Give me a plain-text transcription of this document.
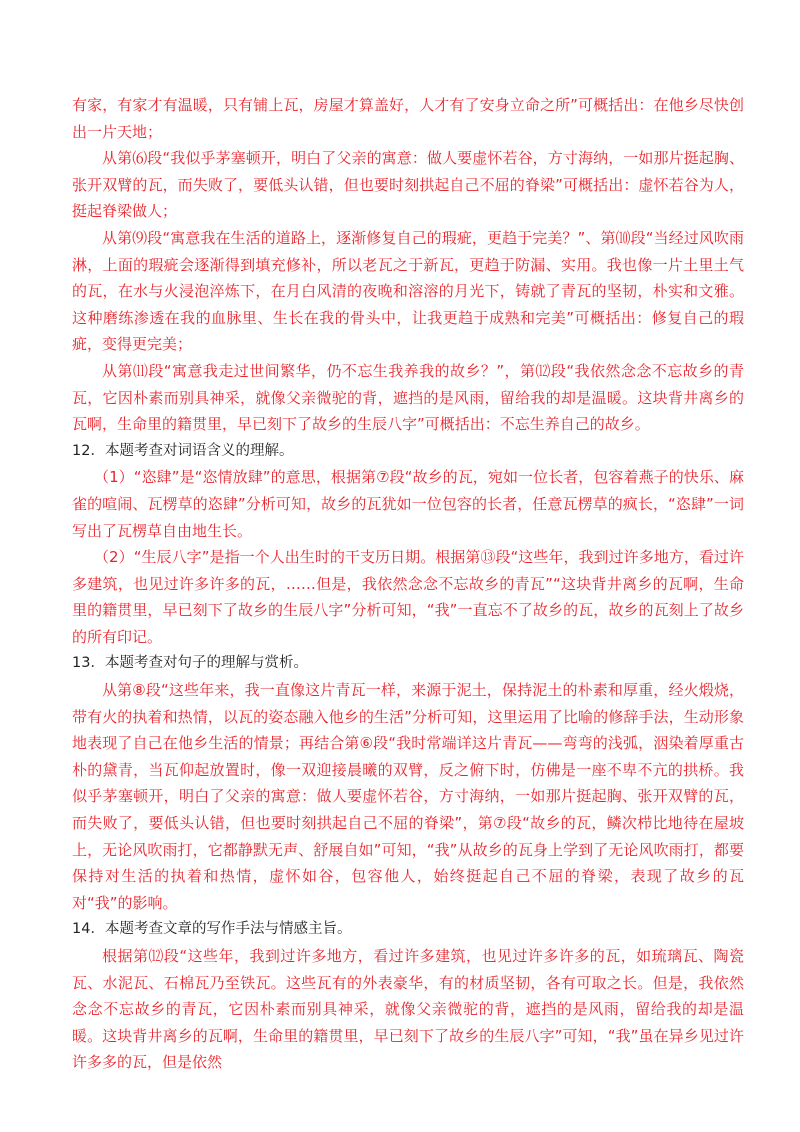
有家，有家才有温暖，只有铺上瓦，房屋才算盖好，人才有了安身立命之所”可概括出：在他乡尽快创出一片天地；

从第⑹段“我似乎茅塞顿开，明白了父亲的寓意：做人要虚怀若谷，方寸海纳，一如那片挺起胸、张开双臂的瓦，而失败了，要低头认错，但也要时刻拱起自己不屈的脊梁”可概括出：虚怀若谷为人，挺起脊梁做人；

从第⑼段“寓意我在生活的道路上，逐渐修复自己的瑕疵，更趋于完美？”、第⑽段“当经过风吹雨淋，上面的瑕疵会逐渐得到填充修补，所以老瓦之于新瓦，更趋于防漏、实用。我也像一片土里土气的瓦，在水与火浸泡淬炼下，在月白风清的夜晚和溶溶的月光下，铸就了青瓦的坚韧，朴实和文雅。这种磨练渗透在我的血脉里、生长在我的骨头中，让我更趋于成熟和完美”可概括出：修复自己的瑕疵，变得更完美；

从第⑾段“寓意我走过世间繁华，仍不忘生我养我的故乡？”，第⑿段“我依然念念不忘故乡的青瓦，它因朴素而别具神采，就像父亲微驼的背，遮挡的是风雨，留给我的却是温暖。这块背井离乡的瓦啊，生命里的籍贯里，早已刻下了故乡的生辰八字”可概括出：不忘生养自己的故乡。

12．本题考查对词语含义的理解。

（1）“恣肆”是“恣情放肆”的意思，根据第⑦段“故乡的瓦，宛如一位长者，包容着燕子的快乐、麻雀的喧闹、瓦楞草的恣肆”分析可知，故乡的瓦犹如一位包容的长者，任意瓦楞草的疯长，“恣肆”一词写出了瓦楞草自由地生长。

（2）“生辰八字”是指一个人出生时的干支历日期。根据第⑬段“这些年，我到过许多地方，看过许多建筑，也见过许多许多的瓦，……但是，我依然念念不忘故乡的青瓦”“这块背井离乡的瓦啊，生命里的籍贯里，早已刻下了故乡的生辰八字”分析可知，“我”一直忘不了故乡的瓦，故乡的瓦刻上了故乡的所有印记。

13．本题考查对句子的理解与赏析。

从第⑧段“这些年来，我一直像这片青瓦一样，来源于泥土，保持泥土的朴素和厚重，经火煅烧，带有火的执着和热情，以瓦的姿态融入他乡的生活”分析可知，这里运用了比喻的修辞手法，生动形象地表现了自己在他乡生活的情景；再结合第⑥段“我时常端详这片青瓦——弯弯的浅弧，洇染着厚重古朴的黛青，当瓦仰起放置时，像一双迎接晨曦的双臂，反之俯下时，仿佛是一座不卑不亢的拱桥。我似乎茅塞顿开，明白了父亲的寓意：做人要虚怀若谷，方寸海纳，一如那片挺起胸、张开双臂的瓦，而失败了，要低头认错，但也要时刻拱起自己不屈的脊梁”，第⑦段“故乡的瓦，鳞次栉比地待在屋坡上，无论风吹雨打，它都静默无声、舒展自如”可知，“我”从故乡的瓦身上学到了无论风吹雨打，都要保持对生活的执着和热情，虚怀如谷，包容他人，始终挺起自己不屈的脊梁，表现了故乡的瓦对“我”的影响。

14．本题考查文章的写作手法与情感主旨。

根据第⑿段“这些年，我到过许多地方，看过许多建筑，也见过许多许多的瓦，如琉璃瓦、陶瓷瓦、水泥瓦、石棉瓦乃至铁瓦。这些瓦有的外表豪华，有的材质坚韧，各有可取之长。但是，我依然念念不忘故乡的青瓦，它因朴素而别具神采，就像父亲微驼的背，遮挡的是风雨，留给我的却是温暖。这块背井离乡的瓦啊，生命里的籍贯里，早已刻下了故乡的生辰八字”可知，“我”虽在异乡见过许许多多的瓦，但是依然
